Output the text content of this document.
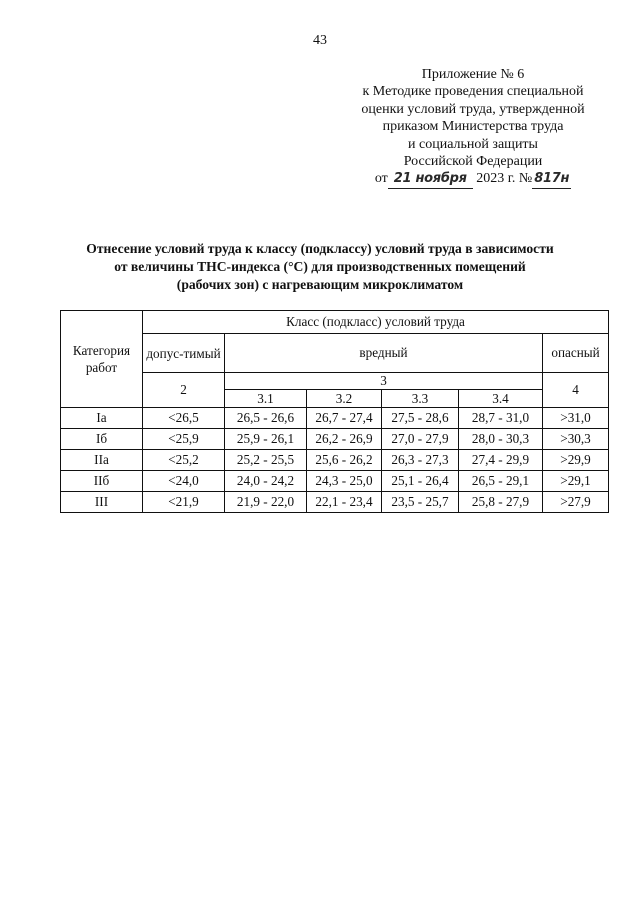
43
Приложение № 6
к Методике проведения специальной
оценки условий труда, утвержденной
приказом Министерства труда
и социальной защиты
Российской Федерации
от 21 ноября 2023 г. № 817н
Отнесение условий труда к классу (подклассу) условий труда в зависимости
от величины ТНС-индекса (°С) для производственных помещений
(рабочих зон) с нагревающим микроклиматом
Категория работ	Класс (подкласс) условий труда					
	допус-тимый	вредный				опасный
	2	3				4
		3.1	3.2	3.3	3.4	
Ia	<26,5	26,5 - 26,6	26,7 - 27,4	27,5 - 28,6	28,7 - 31,0	>31,0
Iб	<25,9	25,9 - 26,1	26,2 - 26,9	27,0 - 27,9	28,0 - 30,3	>30,3
IIa	<25,2	25,2 - 25,5	25,6 - 26,2	26,3 - 27,3	27,4 - 29,9	>29,9
IIб	<24,0	24,0 - 24,2	24,3 - 25,0	25,1 - 26,4	26,5 - 29,1	>29,1
III	<21,9	21,9 - 22,0	22,1 - 23,4	23,5 - 25,7	25,8 - 27,9	>27,9
